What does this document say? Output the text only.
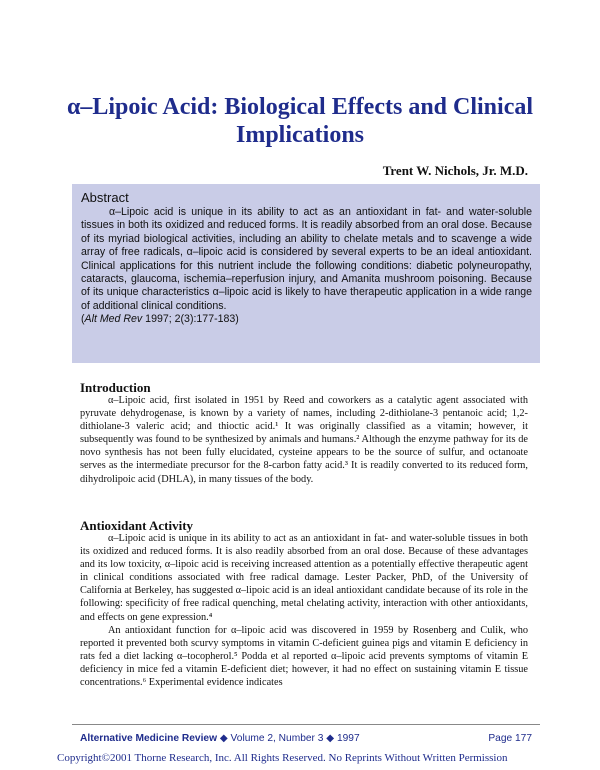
α–Lipoic Acid: Biological Effects and Clinical Implications
Trent W. Nichols, Jr. M.D.
Abstract

α–Lipoic acid is unique in its ability to act as an antioxidant in fat- and water-soluble tissues in both its oxidized and reduced forms. It is readily absorbed from an oral dose. Because of its myriad biological activities, including an ability to chelate metals and to scavenge a wide array of free radicals, α–lipoic acid is considered by several experts to be an ideal antioxidant. Clinical applications for this nutrient include the following conditions: diabetic polyneuropathy, cataracts, glaucoma, ischemia–reperfusion injury, and Amanita mushroom poisoning. Because of its unique characteristics α–lipoic acid is likely to have therapeutic application in a wide range of additional clinical conditions.

(Alt Med Rev 1997; 2(3):177-183)

Introduction

α–Lipoic acid, first isolated in 1951 by Reed and coworkers as a catalytic agent associated with pyruvate dehydrogenase, is known by a variety of names, including 2-dithiolane-3 pentanoic acid; 1,2-dithiolane-3 valeric acid; and thioctic acid.¹ It was originally classified as a vitamin; however, it subsequently was found to be synthesized by animals and humans.² Although the enzyme pathway for its de novo synthesis has not been fully elucidated, cysteine appears to be the source of sulfur, and octanoate serves as the intermediate precursor for the 8-carbon fatty acid.³ It is readily converted to its reduced form, dihydrolipoic acid (DHLA), in many tissues of the body.

Antioxidant Activity

α–Lipoic acid is unique in its ability to act as an antioxidant in fat- and water-soluble tissues in both its oxidized and reduced forms. It is also readily absorbed from an oral dose. Because of these advantages and its low toxicity, α–lipoic acid is receiving increased attention as a potentially effective therapeutic agent in clinical conditions associated with free radical damage. Lester Packer, PhD, of the University of California at Berkeley, has suggested α–lipoic acid is an ideal antioxidant candidate because of its role in the following: specificity of free radical quenching, metal chelating activity, interaction with other antioxidants, and effects on gene expression.⁴

An antioxidant function for α–lipoic acid was discovered in 1959 by Rosenberg and Culik, who reported it prevented both scurvy symptoms in vitamin C-deficient guinea pigs and vitamin E deficiency in rats fed a diet lacking α–tocopherol.⁵ Podda et al reported α–lipoic acid prevents symptoms of vitamin E deficiency in mice fed a vitamin E-deficient diet; however, it had no effect on sustaining vitamin E tissue concentrations.⁶ Experimental evidence indicates

Alternative Medicine Review ◆ Volume 2, Number 3 ◆ 1997	Page 177
Copyright©2001 Thorne Research, Inc. All Rights Reserved. No Reprints Without Written Permission
